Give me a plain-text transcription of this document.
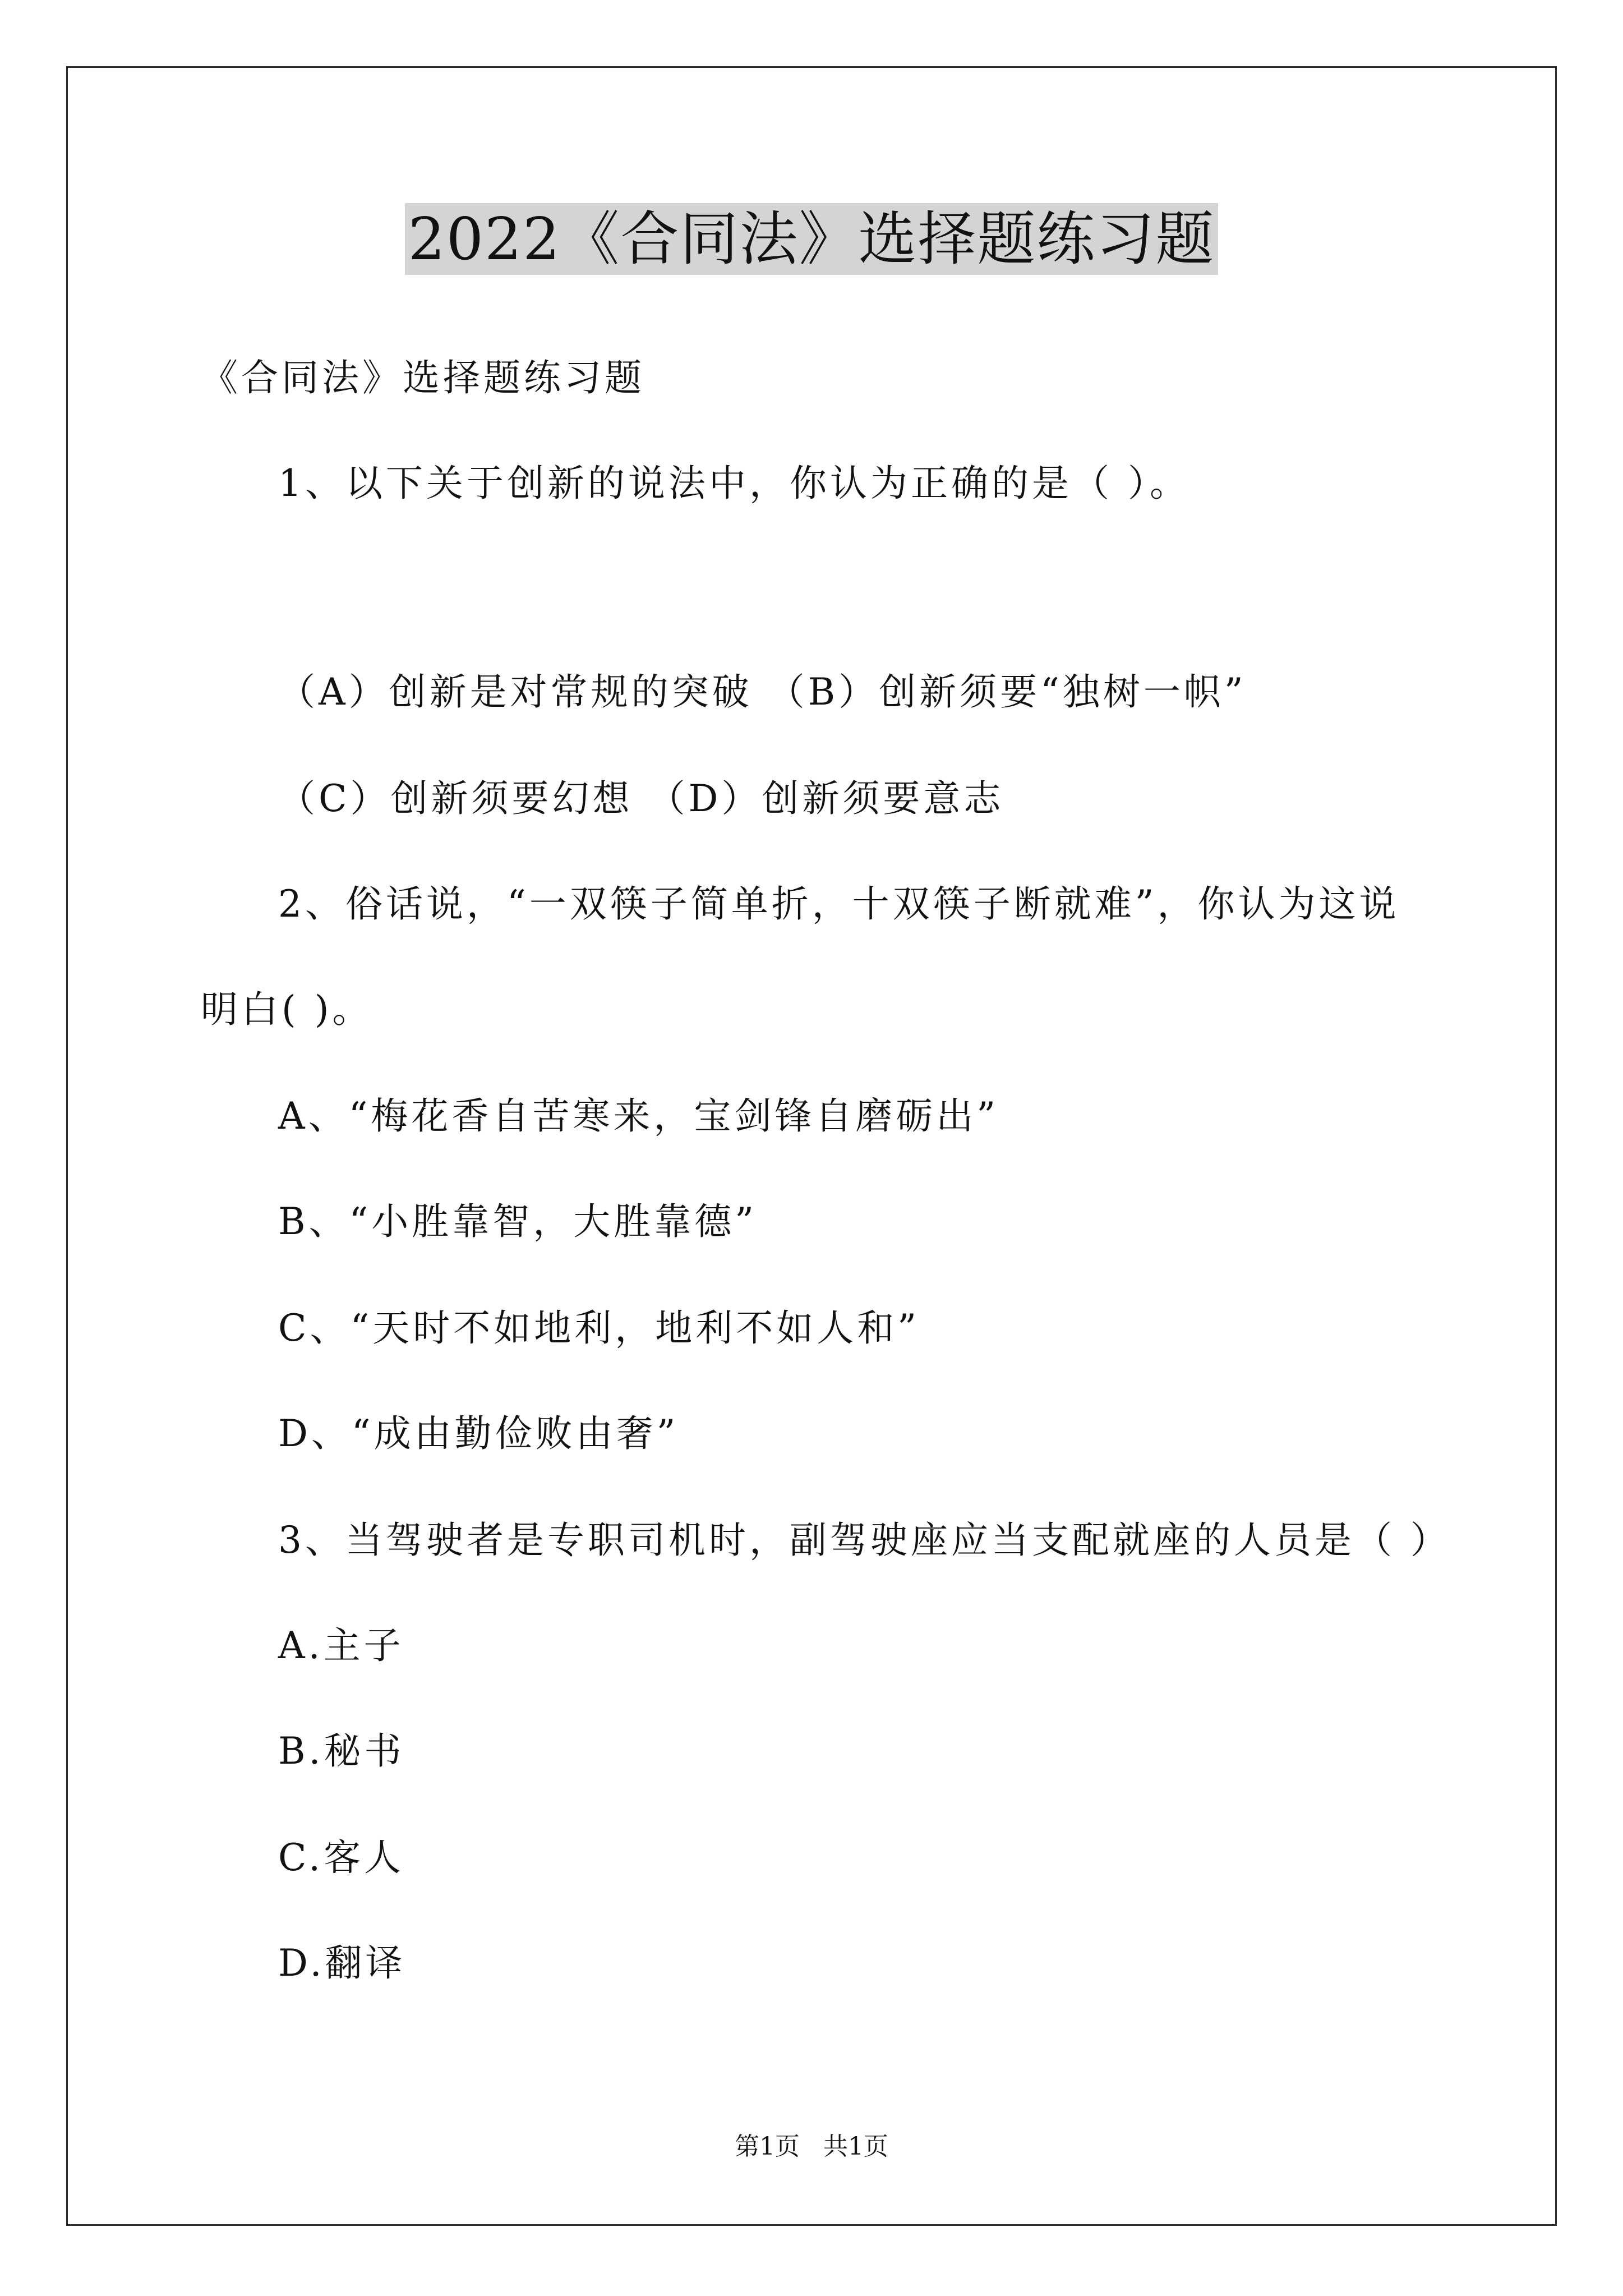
2022《合同法》选择题练习题
《合同法》选择题练习题
1、以下关于创新的说法中，你认为正确的是（ ）。
（A）创新是对常规的突破 （B）创新须要“独树一帜”
（C）创新须要幻想 （D）创新须要意志
2、俗话说，“一双筷子简单折，十双筷子断就难”，你认为这说
明白( )。
A、“梅花香自苦寒来，宝剑锋自磨砺出”
B、“小胜靠智，大胜靠德”
C、“天时不如地利，地利不如人和”
D、“成由勤俭败由奢”
3、当驾驶者是专职司机时，副驾驶座应当支配就座的人员是（ ）
A.主子
B.秘书
C.客人
D.翻译
第1页 共1页
